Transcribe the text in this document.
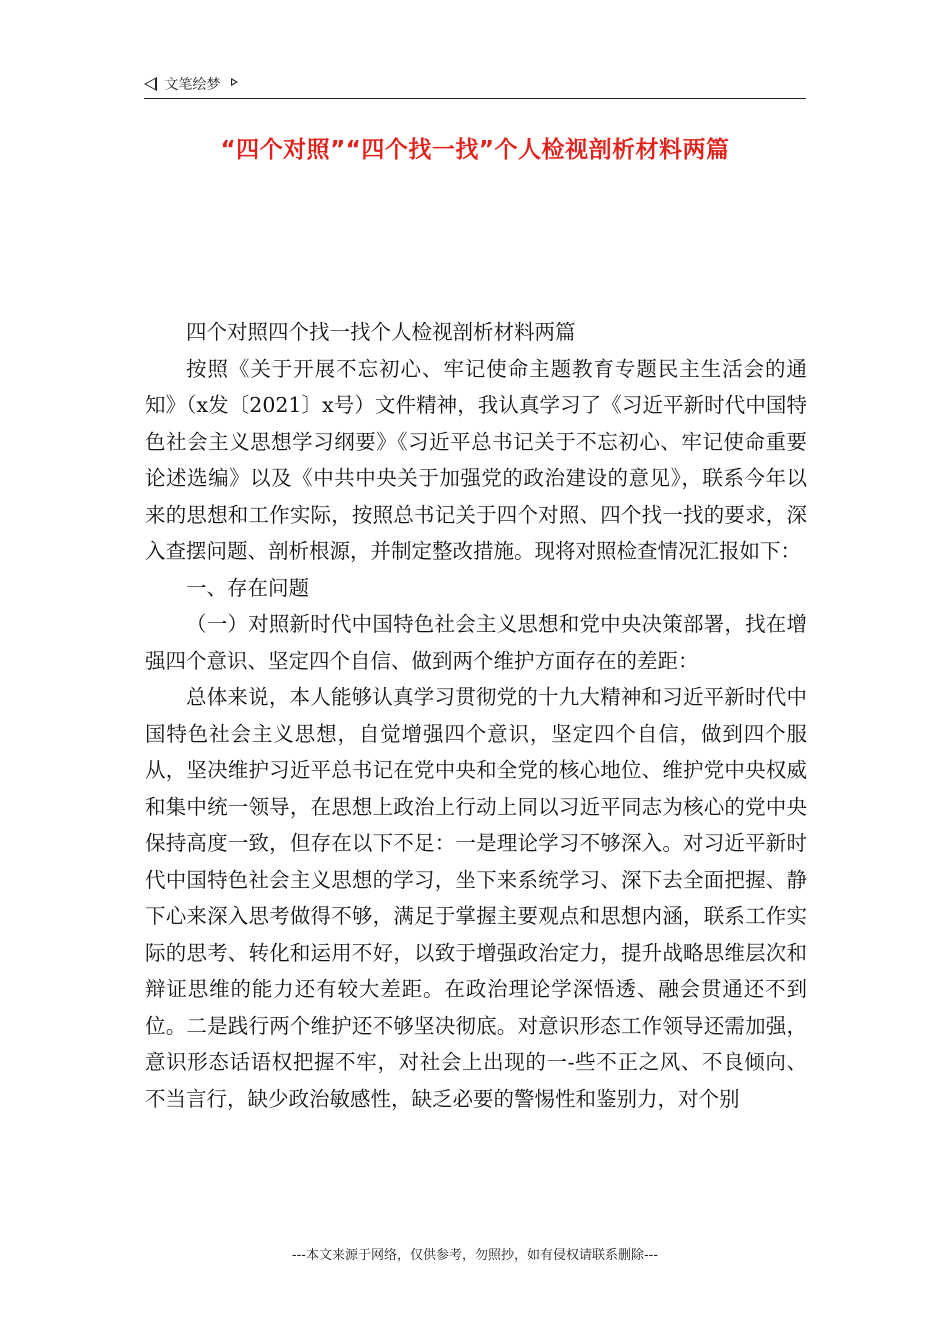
文笔绘梦
“四个对照”“四个找一找”个人检视剖析材料两篇

四个对照四个找一找个人检视剖析材料两篇

按照《关于开展不忘初心、牢记使命主题教育专题民主生活会的通知》（x发〔2021〕x号）文件精神，我认真学习了《习近平新时代中国特色社会主义思想学习纲要》《习近平总书记关于不忘初心、牢记使命重要论述选编》以及《中共中央关于加强党的政治建设的意见》，联系今年以来的思想和工作实际，按照总书记关于四个对照、四个找一找的要求，深入查摆问题、剖析根源，并制定整改措施。现将对照检查情况汇报如下：

一、存在问题

（一）对照新时代中国特色社会主义思想和党中央决策部署，找在增强四个意识、坚定四个自信、做到两个维护方面存在的差距：

总体来说，本人能够认真学习贯彻党的十九大精神和习近平新时代中国特色社会主义思想，自觉增强四个意识，坚定四个自信，做到四个服从，坚决维护习近平总书记在党中央和全党的核心地位、维护党中央权威和集中统一领导，在思想上政治上行动上同以习近平同志为核心的党中央保持高度一致，但存在以下不足：一是理论学习不够深入。对习近平新时代中国特色社会主义思想的学习，坐下来系统学习、深下去全面把握、静下心来深入思考做得不够，满足于掌握主要观点和思想内涵，联系工作实际的思考、转化和运用不好，以致于增强政治定力，提升战略思维层次和辩证思维的能力还有较大差距。在政治理论学深悟透、融会贯通还不到位。二是践行两个维护还不够坚决彻底。对意识形态工作领导还需加强，意识形态话语权把握不牢，对社会上出现的一-些不正之风、不良倾向、不当言行，缺少政治敏感性，缺乏必要的警惕性和鉴别力，对个别

---本文来源于网络，仅供参考，勿照抄，如有侵权请联系删除---
